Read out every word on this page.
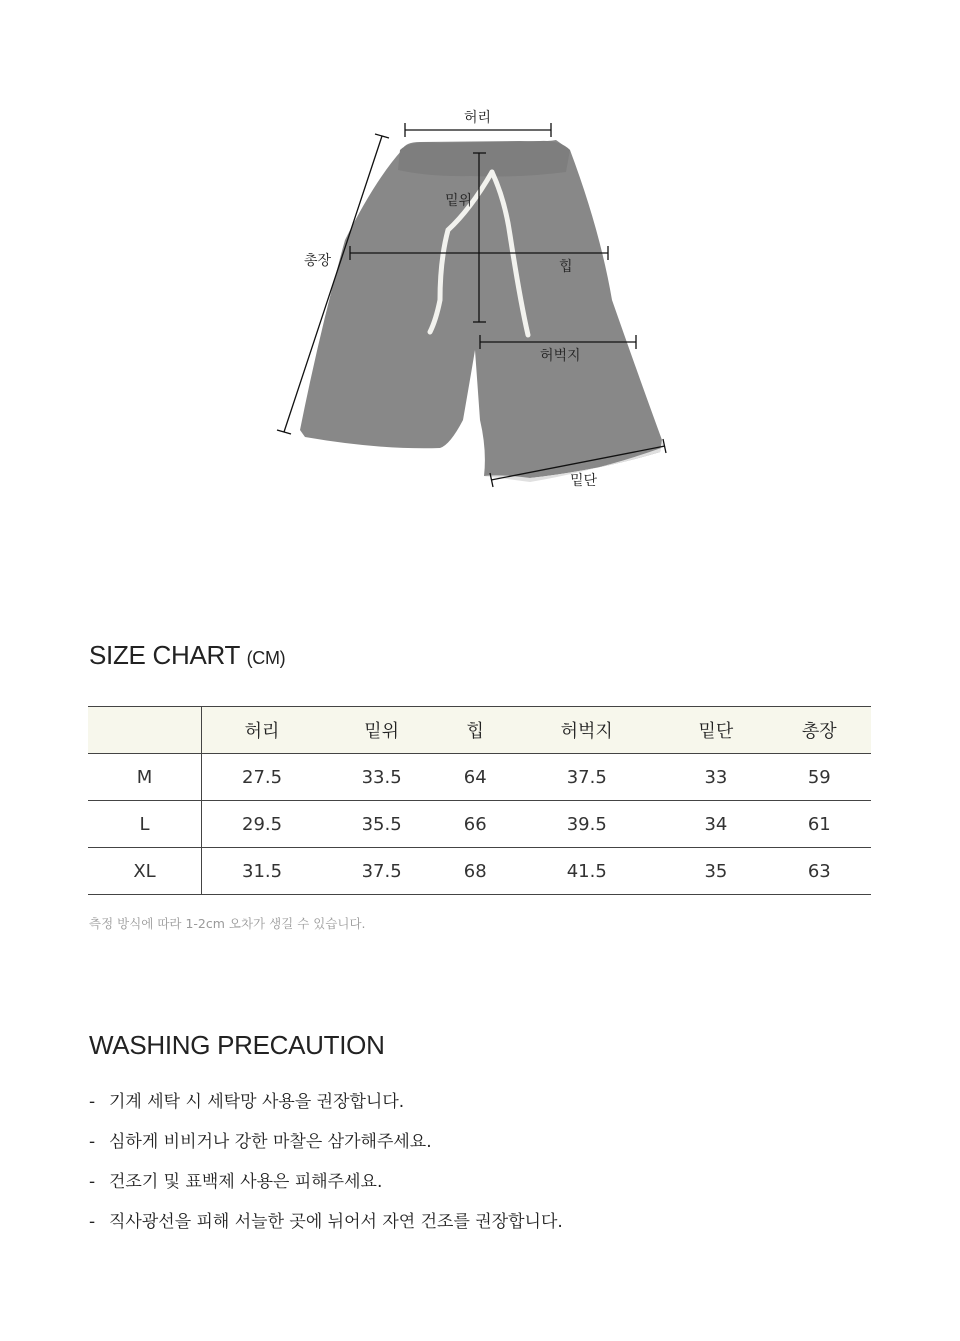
허리
밑위
힙
총장
허벅지
밑단
SIZE CHART (CM)
	허리	밑위	힙	허벅지	밑단	총장
M	27.5	33.5	64	37.5	33	59
L	29.5	35.5	66	39.5	34	61
XL	31.5	37.5	68	41.5	35	63
측정 방식에 따라 1-2cm 오차가 생길 수 있습니다.
WASHING PRECAUTION
- 기계 세탁 시 세탁망 사용을 권장합니다.
- 심하게 비비거나 강한 마찰은 삼가해주세요.
- 건조기 및 표백제 사용은 피해주세요.
- 직사광선을 피해 서늘한 곳에 뉘어서 자연 건조를 권장합니다.
